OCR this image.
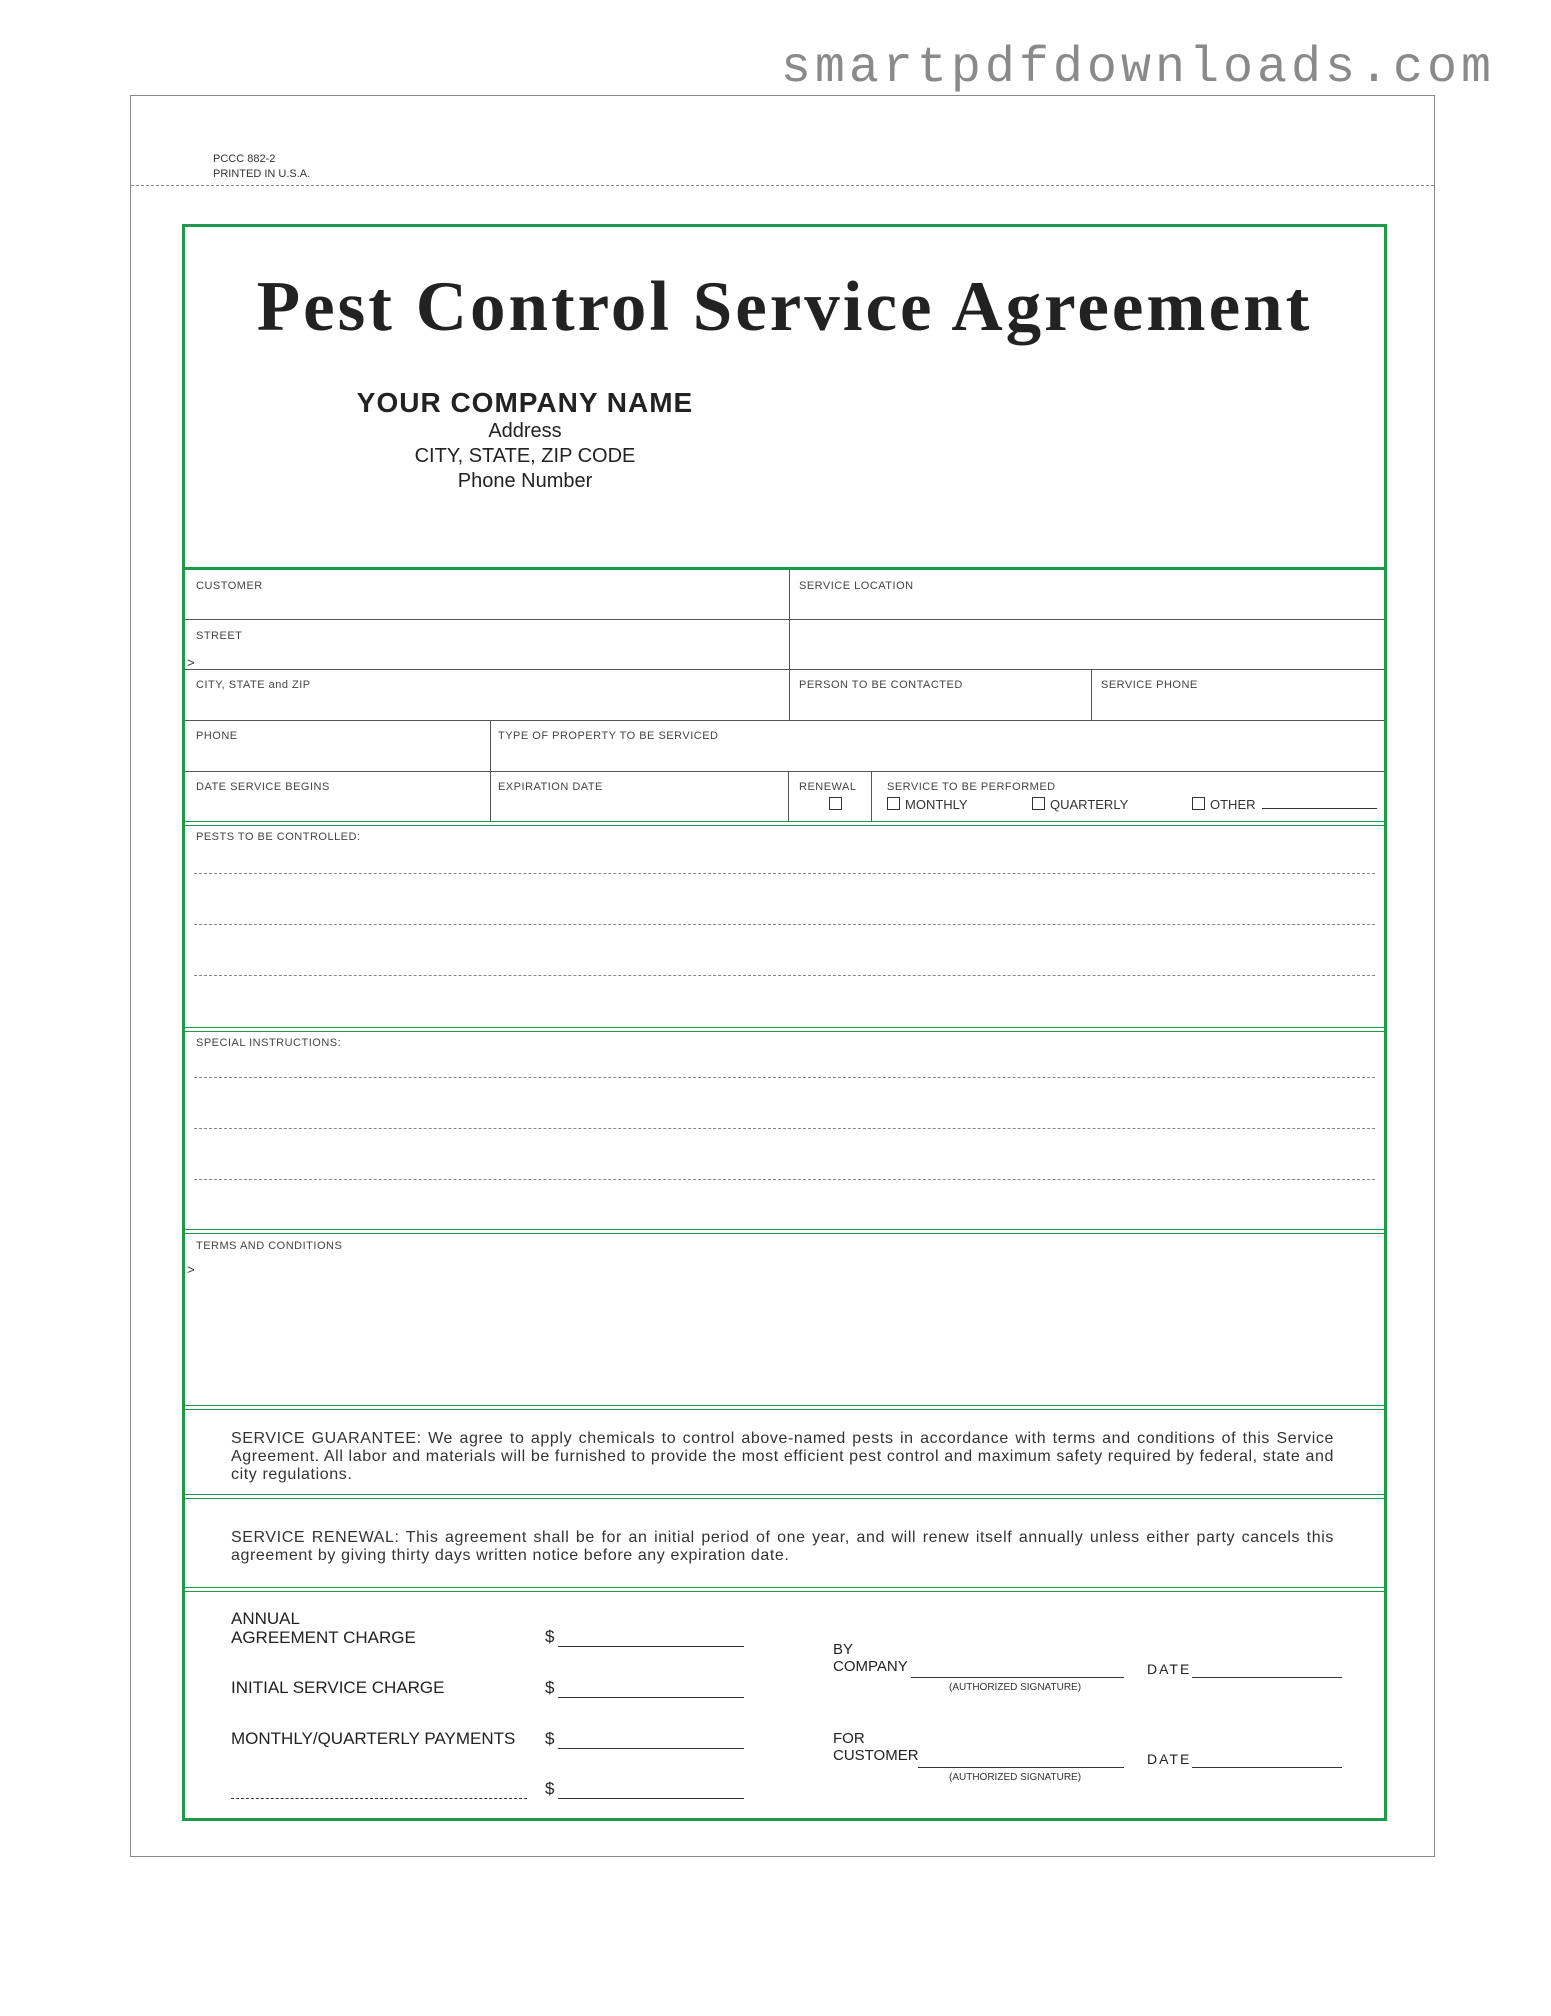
smartpdfdownloads.com
PCCC 882-2
PRINTED IN U.S.A.
Pest Control Service Agreement
YOUR COMPANY NAME
Address
CITY, STATE, ZIP CODE
Phone Number
CUSTOMER	SERVICE LOCATION
STREET
>
CITY, STATE and ZIP	PERSON TO BE CONTACTED	SERVICE PHONE
PHONE	TYPE OF PROPERTY TO BE SERVICED
DATE SERVICE BEGINS	EXPIRATION DATE	RENEWAL	SERVICE TO BE PERFORMED
MONTHLY	QUARTERLY	OTHER
PESTS TO BE CONTROLLED:
SPECIAL INSTRUCTIONS:
TERMS AND CONDITIONS
>
SERVICE GUARANTEE: We agree to apply chemicals to control above-named pests in accordance with terms and conditions of this Service Agreement. All labor and materials will be furnished to provide the most efficient pest control and maximum safety required by federal, state and city regulations.
SERVICE RENEWAL: This agreement shall be for an initial period of one year, and will renew itself annually unless either party cancels this agreement by giving thirty days written notice before any expiration date.
ANNUAL
AGREEMENT CHARGE	$
INITIAL SERVICE CHARGE	$
MONTHLY/QUARTERLY PAYMENTS $
$
BY
COMPANY
(AUTHORIZED SIGNATURE)
DATE
FOR
CUSTOMER
(AUTHORIZED SIGNATURE)
DATE
